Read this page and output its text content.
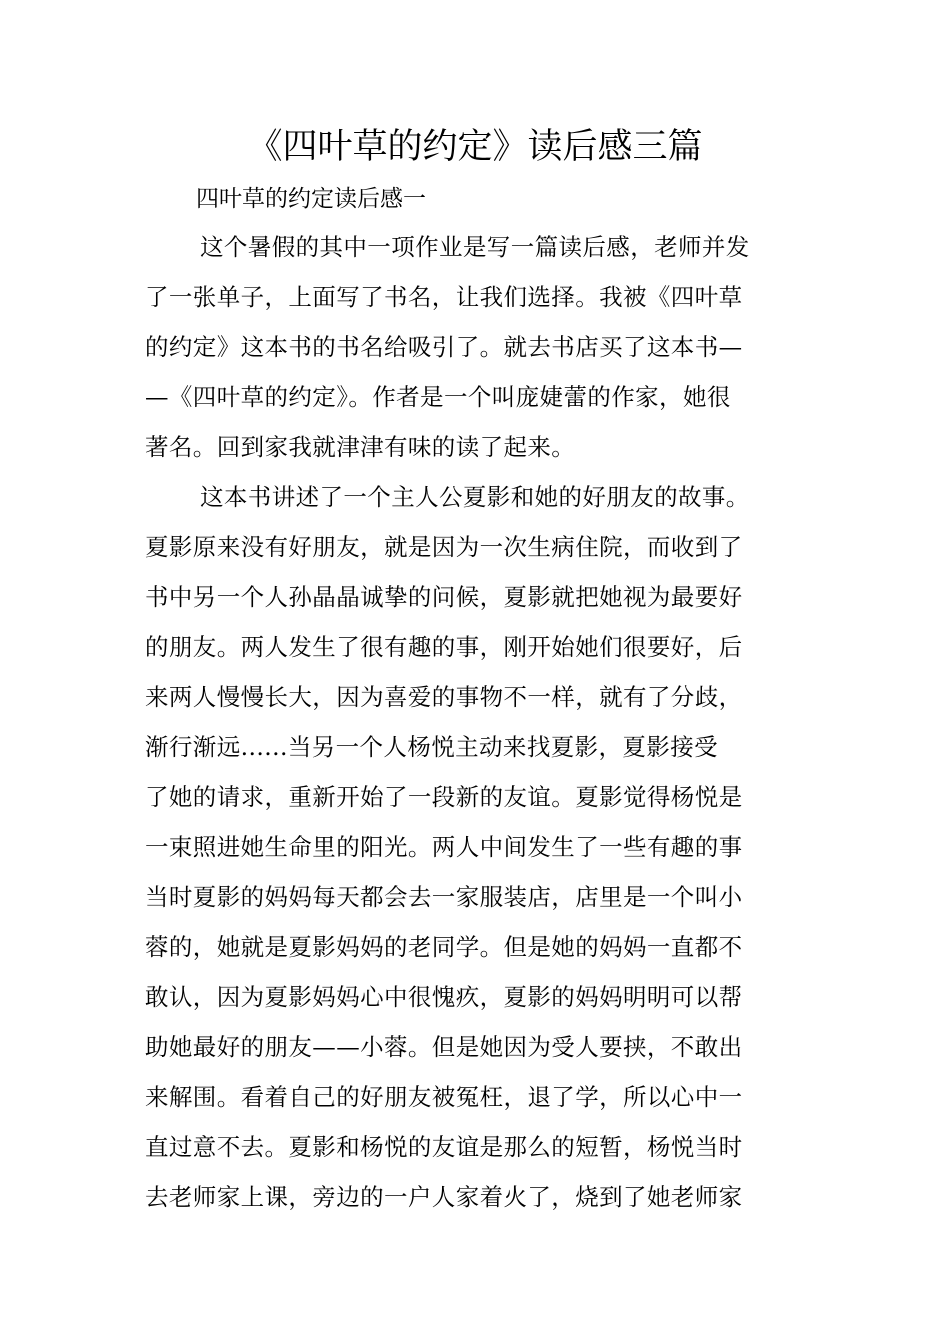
《四叶草的约定》读后感三篇
四叶草的约定读后感一
这个暑假的其中一项作业是写一篇读后感，老师并发
了一张单子，上面写了书名，让我们选择。我被《四叶草
的约定》这本书的书名给吸引了。就去书店买了这本书—
—《四叶草的约定》。作者是一个叫庞婕蕾的作家，她很
著名。回到家我就津津有味的读了起来。
这本书讲述了一个主人公夏影和她的好朋友的故事。
夏影原来没有好朋友，就是因为一次生病住院，而收到了
书中另一个人孙晶晶诚挚的问候，夏影就把她视为最要好
的朋友。两人发生了很有趣的事，刚开始她们很要好，后
来两人慢慢长大，因为喜爱的事物不一样，就有了分歧，
渐行渐远......当另一个人杨悦主动来找夏影，夏影接受
了她的请求，重新开始了一段新的友谊。夏影觉得杨悦是
一束照进她生命里的阳光。两人中间发生了一些有趣的事
当时夏影的妈妈每天都会去一家服装店，店里是一个叫小
蓉的，她就是夏影妈妈的老同学。但是她的妈妈一直都不
敢认，因为夏影妈妈心中很愧疚，夏影的妈妈明明可以帮
助她最好的朋友——小蓉。但是她因为受人要挟，不敢出
来解围。看着自己的好朋友被冤枉，退了学，所以心中一
直过意不去。夏影和杨悦的友谊是那么的短暂，杨悦当时
去老师家上课，旁边的一户人家着火了，烧到了她老师家
